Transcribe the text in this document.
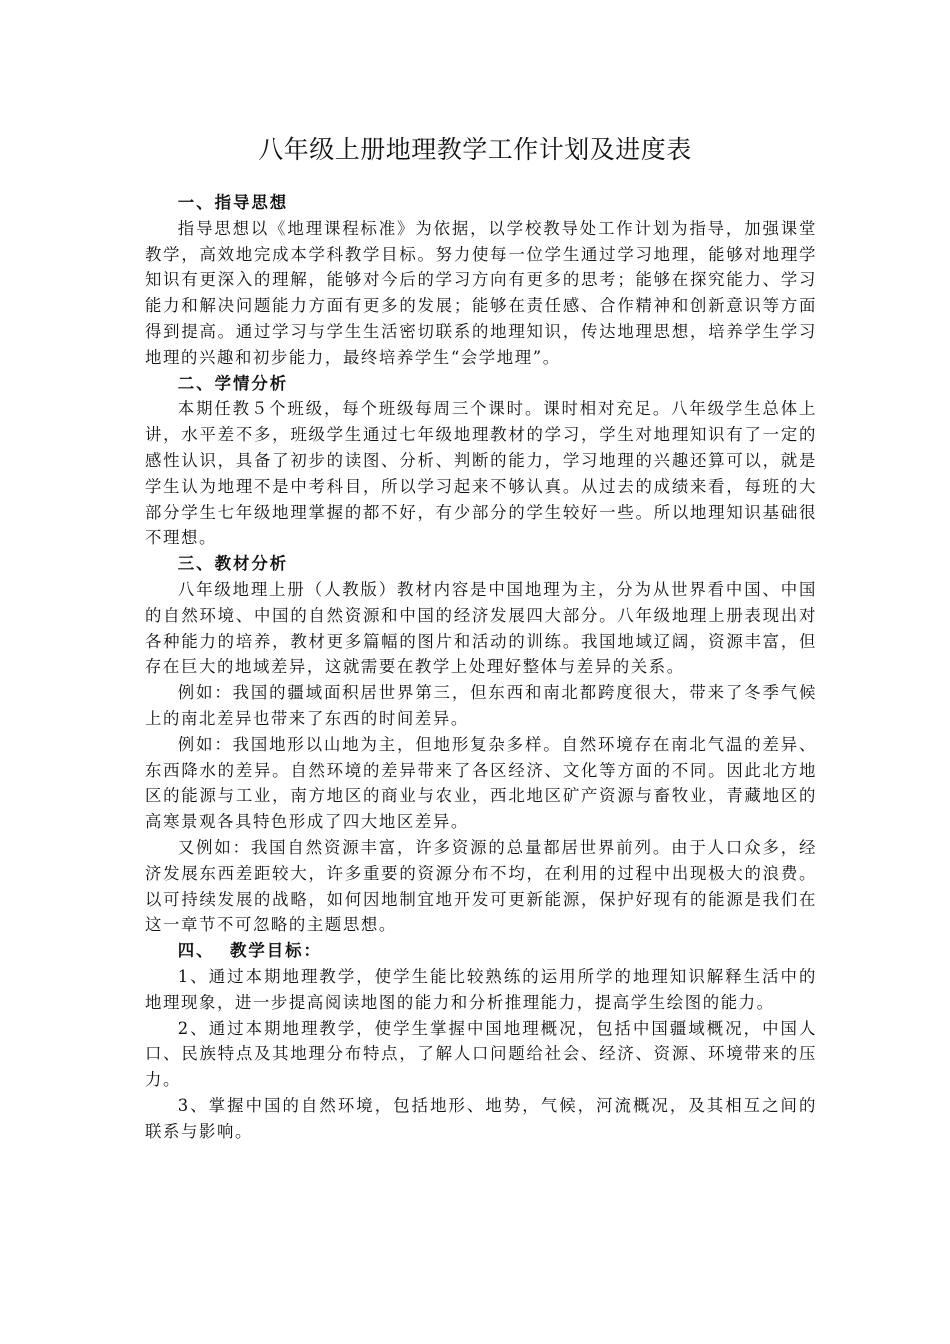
八年级上册地理教学工作计划及进度表
一、指导思想

指导思想以《地理课程标准》为依据，以学校教导处工作计划为指导，加强课堂教学，高效地完成本学科教学目标。努力使每一位学生通过学习地理，能够对地理学知识有更深入的理解，能够对今后的学习方向有更多的思考；能够在探究能力、学习能力和解决问题能力方面有更多的发展；能够在责任感、合作精神和创新意识等方面得到提高。通过学习与学生生活密切联系的地理知识，传达地理思想，培养学生学习地理的兴趣和初步能力，最终培养学生“会学地理”。

二、学情分析

本期任教５个班级，每个班级每周三个课时。课时相对充足。八年级学生总体上讲，水平差不多，班级学生通过七年级地理教材的学习，学生对地理知识有了一定的感性认识，具备了初步的读图、分析、判断的能力，学习地理的兴趣还算可以，就是学生认为地理不是中考科目，所以学习起来不够认真。从过去的成绩来看，每班的大部分学生七年级地理掌握的都不好，有少部分的学生较好一些。所以地理知识基础很不理想。

三、教材分析

八年级地理上册（人教版）教材内容是中国地理为主，分为从世界看中国、中国的自然环境、中国的自然资源和中国的经济发展四大部分。八年级地理上册表现出对各种能力的培养，教材更多篇幅的图片和活动的训练。我国地域辽阔，资源丰富，但存在巨大的地域差异，这就需要在教学上处理好整体与差异的关系。

例如：我国的疆域面积居世界第三，但东西和南北都跨度很大，带来了冬季气候上的南北差异也带来了东西的时间差异。

例如：我国地形以山地为主，但地形复杂多样。自然环境存在南北气温的差异、东西降水的差异。自然环境的差异带来了各区经济、文化等方面的不同。因此北方地区的能源与工业，南方地区的商业与农业，西北地区矿产资源与畜牧业，青藏地区的高寒景观各具特色形成了四大地区差异。

又例如：我国自然资源丰富，许多资源的总量都居世界前列。由于人口众多，经济发展东西差距较大，许多重要的资源分布不均，在利用的过程中出现极大的浪费。以可持续发展的战略，如何因地制宜地开发可更新能源，保护好现有的能源是我们在这一章节不可忽略的主题思想。

四、  教学目标：

1、通过本期地理教学，使学生能比较熟练的运用所学的地理知识解释生活中的地理现象，进一步提高阅读地图的能力和分析推理能力，提高学生绘图的能力。

2、通过本期地理教学，使学生掌握中国地理概况，包括中国疆域概况，中国人口、民族特点及其地理分布特点，了解人口问题给社会、经济、资源、环境带来的压力。

3、掌握中国的自然环境，包括地形、地势，气候，河流概况，及其相互之间的联系与影响。
